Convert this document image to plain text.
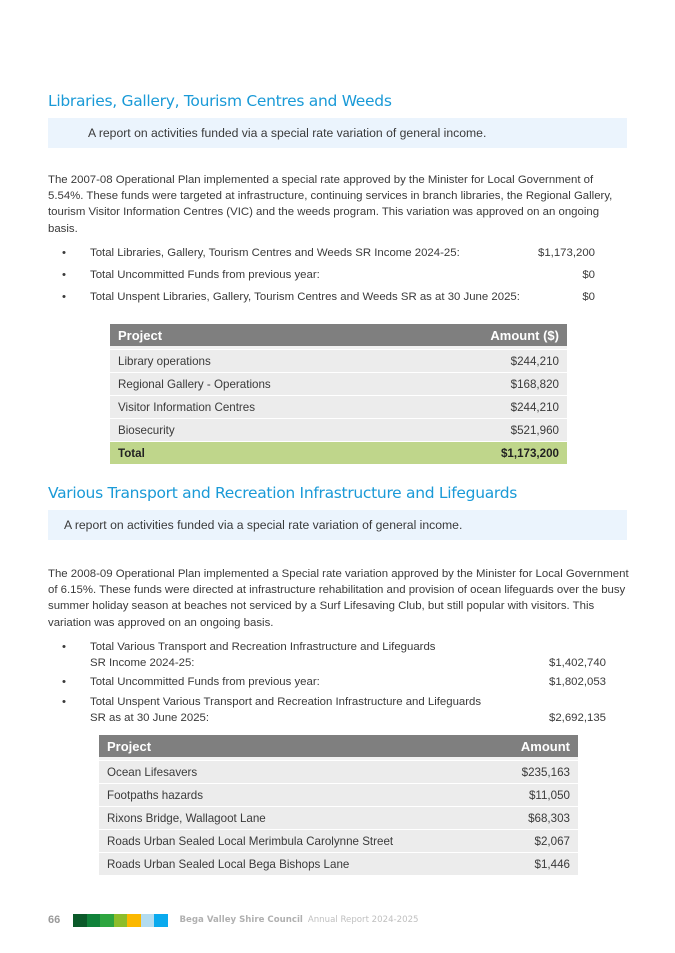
Libraries, Gallery, Tourism Centres and Weeds
A report on activities funded via a special rate variation of general income.

The 2007-08 Operational Plan implemented a special rate approved by the Minister for Local Government of 5.54%. These funds were targeted at infrastructure, continuing services in branch libraries, the Regional Gallery, tourism Visitor Information Centres (VIC) and the weeds program. This variation was approved on an ongoing basis.

• Total Libraries, Gallery, Tourism Centres and Weeds SR Income 2024-25:	$1,173,200
• Total Uncommitted Funds from previous year:	$0
• Total Unspent Libraries, Gallery, Tourism Centres and Weeds SR as at 30 June 2025:	$0
Project	Amount ($)
Library operations	$244,210
Regional Gallery - Operations	$168,820
Visitor Information Centres	$244,210
Biosecurity	$521,960
Total	$1,173,200
Various Transport and Recreation Infrastructure and Lifeguards
A report on activities funded via a special rate variation of general income.

The 2008-09 Operational Plan implemented a Special rate variation approved by the Minister for Local Government of 6.15%. These funds were directed at infrastructure rehabilitation and provision of ocean lifeguards over the busy summer holiday season at beaches not serviced by a Surf Lifesaving Club, but still popular with visitors. This variation was approved on an ongoing basis.

• Total Various Transport and Recreation Infrastructure and Lifeguards
SR Income 2024-25:	$1,402,740
• Total Uncommitted Funds from previous year:	$1,802,053
• Total Unspent Various Transport and Recreation Infrastructure and Lifeguards
SR as at 30 June 2025:	$2,692,135
Project	Amount
Ocean Lifesavers	$235,163
Footpaths hazards	$11,050
Rixons Bridge, Wallagoot Lane	$68,303
Roads Urban Sealed Local Merimbula Carolynne Street	$2,067
Roads Urban Sealed Local Bega Bishops Lane	$1,446
66	Bega Valley Shire Council Annual Report 2024-2025
